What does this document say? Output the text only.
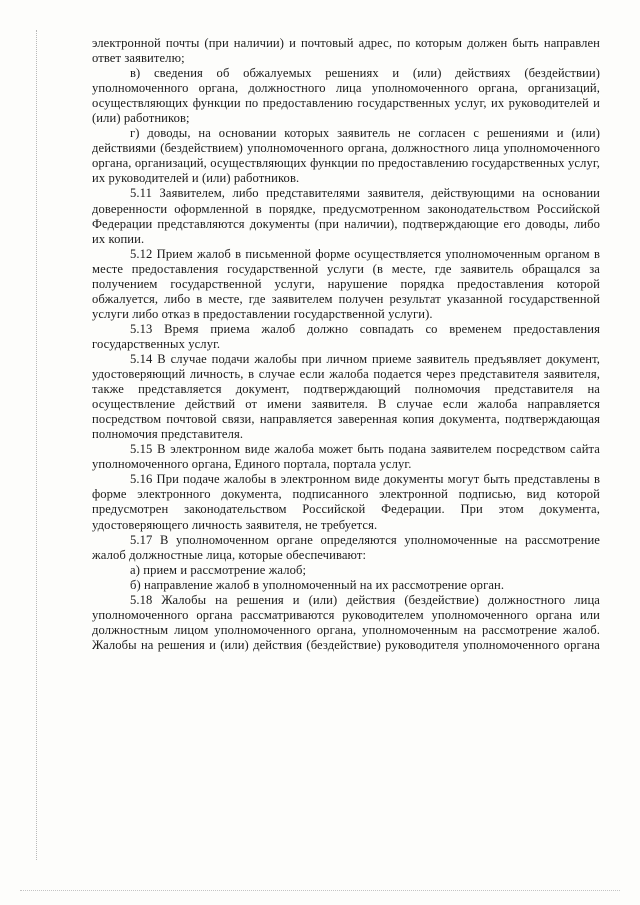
электронной почты (при наличии) и почтовый адрес, по которым должен быть направлен ответ заявителю;

в) сведения об обжалуемых решениях и (или) действиях (бездействии) уполномоченного органа, должностного лица уполномоченного органа, организаций, осуществляющих функции по предоставлению государственных услуг, их руководителей и (или) работников;

г) доводы, на основании которых заявитель не согласен с решениями и (или) действиями (бездействием) уполномоченного органа, должностного лица уполномоченного органа, организаций, осуществляющих функции по предоставлению государственных услуг, их руководителей и (или) работников.

5.11 Заявителем, либо представителями заявителя, действующими на основании доверенности оформленной в порядке, предусмотренном законодательством Российской Федерации представляются документы (при наличии), подтверждающие его доводы, либо их копии.

5.12 Прием жалоб в письменной форме осуществляется уполномоченным органом в месте предоставления государственной услуги (в месте, где заявитель обращался за получением государственной услуги, нарушение порядка предоставления которой обжалуется, либо в месте, где заявителем получен результат указанной государственной услуги либо отказ в предоставлении государственной услуги).

5.13 Время приема жалоб должно совпадать со временем предоставления государственных услуг.

5.14 В случае подачи жалобы при личном приеме заявитель предъявляет документ, удостоверяющий личность, в случае если жалоба подается через представителя заявителя, также представляется документ, подтверждающий полномочия представителя на осуществление действий от имени заявителя. В случае если жалоба направляется посредством почтовой связи, направляется заверенная копия документа, подтверждающая полномочия представителя.

5.15 В электронном виде жалоба может быть подана заявителем посредством сайта уполномоченного органа, Единого портала, портала услуг.

5.16 При подаче жалобы в электронном виде документы могут быть представлены в форме электронного документа, подписанного электронной подписью, вид которой предусмотрен законодательством Российской Федерации. При этом документа, удостоверяющего личность заявителя, не требуется.

5.17 В уполномоченном органе определяются уполномоченные на рассмотрение жалоб должностные лица, которые обеспечивают:

а) прием и рассмотрение жалоб;

б) направление жалоб в уполномоченный на их рассмотрение орган.

5.18 Жалобы на решения и (или) действия (бездействие) должностного лица уполномоченного органа рассматриваются руководителем уполномоченного органа или должностным лицом уполномоченного органа, уполномоченным на рассмотрение жалоб. Жалобы на решения и (или) действия (бездействие) руководителя уполномоченного органа
